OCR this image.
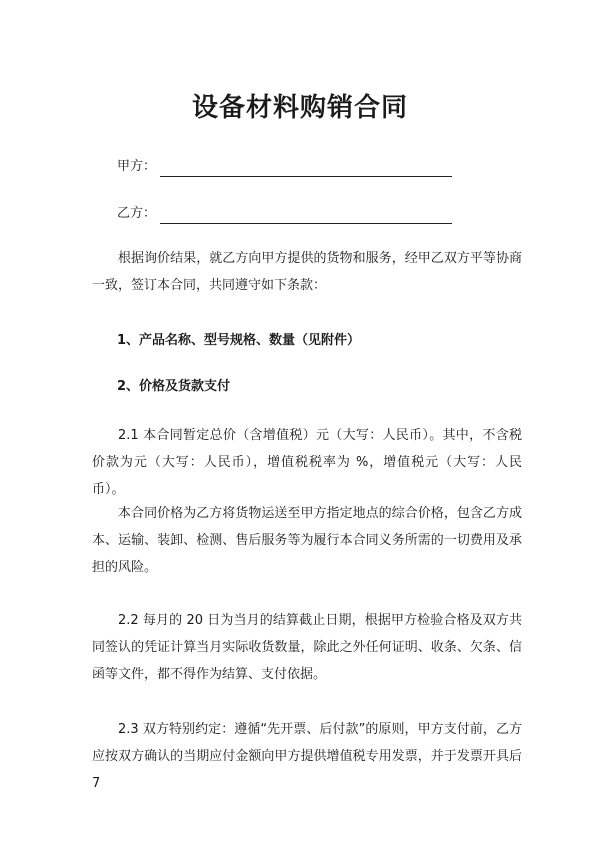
设备材料购销合同
甲方：
乙方：

根据询价结果，就乙方向甲方提供的货物和服务，经甲乙双方平等协商一致，签订本合同，共同遵守如下条款：

1、产品名称、型号规格、数量（见附件）

2、价格及货款支付

2.1 本合同暂定总价（含增值税）元（大写：人民币）。其中，不含税价款为元（大写：人民币），增值税税率为 %，增值税元（大写：人民币）。

本合同价格为乙方将货物运送至甲方指定地点的综合价格，包含乙方成本、运输、装卸、检测、售后服务等为履行本合同义务所需的一切费用及承担的风险。

2.2 每月的 20 日为当月的结算截止日期，根据甲方检验合格及双方共同签认的凭证计算当月实际收货数量，除此之外任何证明、收条、欠条、信函等文件，都不得作为结算、支付依据。

2.3 双方特别约定：遵循“先开票、后付款”的原则，甲方支付前，乙方应按双方确认的当期应付金额向甲方提供增值税专用发票，并于发票开具后 7
